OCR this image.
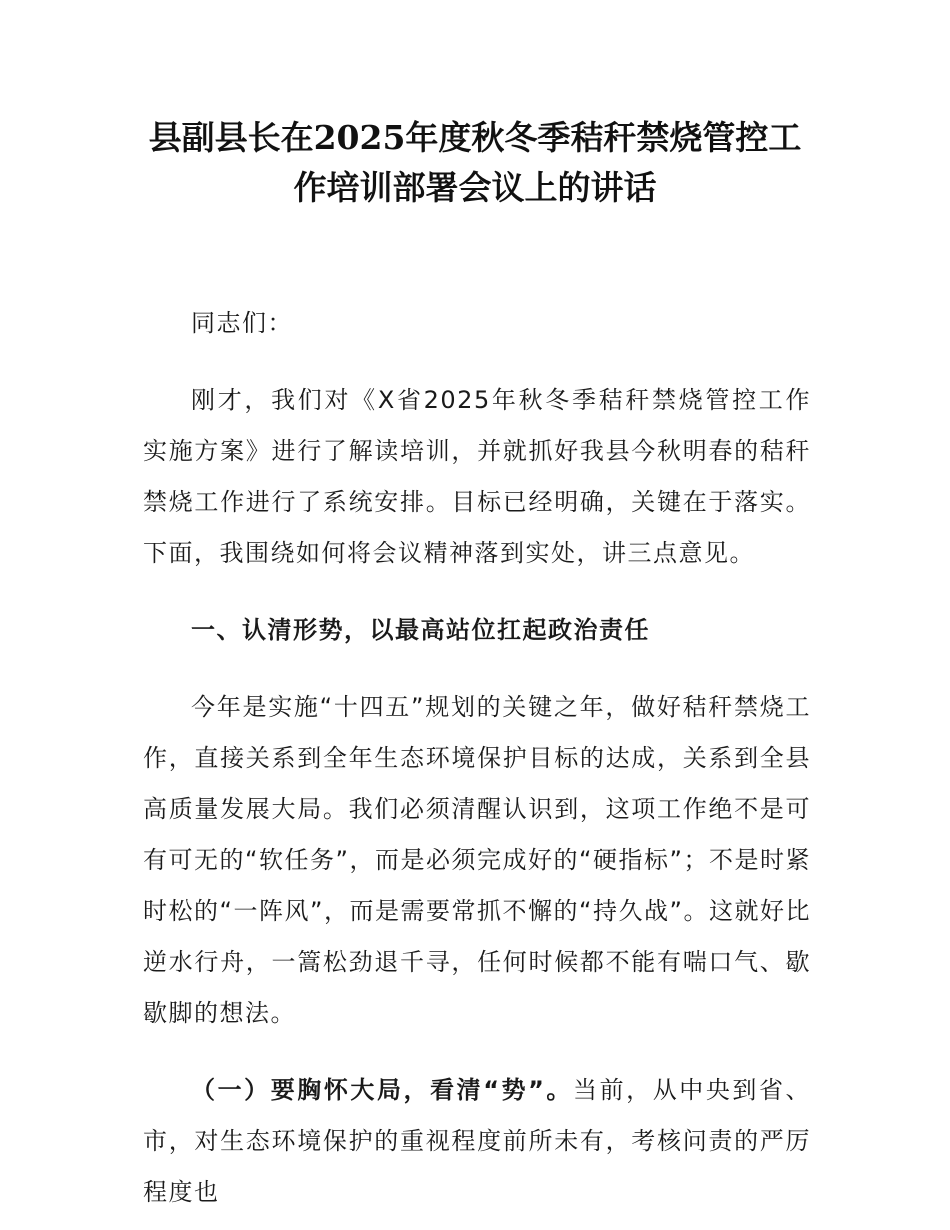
县副县长在2025年度秋冬季秸秆禁烧管控工
作培训部署会议上的讲话

同志们：

刚才，我们对《X省2025年秋冬季秸秆禁烧管控工作实施方案》进行了解读培训，并就抓好我县今秋明春的秸秆禁烧工作进行了系统安排。目标已经明确，关键在于落实。下面，我围绕如何将会议精神落到实处，讲三点意见。

一、认清形势，以最高站位扛起政治责任

今年是实施“十四五”规划的关键之年，做好秸秆禁烧工作，直接关系到全年生态环境保护目标的达成，关系到全县高质量发展大局。我们必须清醒认识到，这项工作绝不是可有可无的“软任务”，而是必须完成好的“硬指标”；不是时紧时松的“一阵风”，而是需要常抓不懈的“持久战”。这就好比逆水行舟，一篙松劲退千寻，任何时候都不能有喘口气、歇歇脚的想法。

（一）要胸怀大局，看清“势”。当前，从中央到省、市，对生态环境保护的重视程度前所未有，考核问责的严厉程度也
